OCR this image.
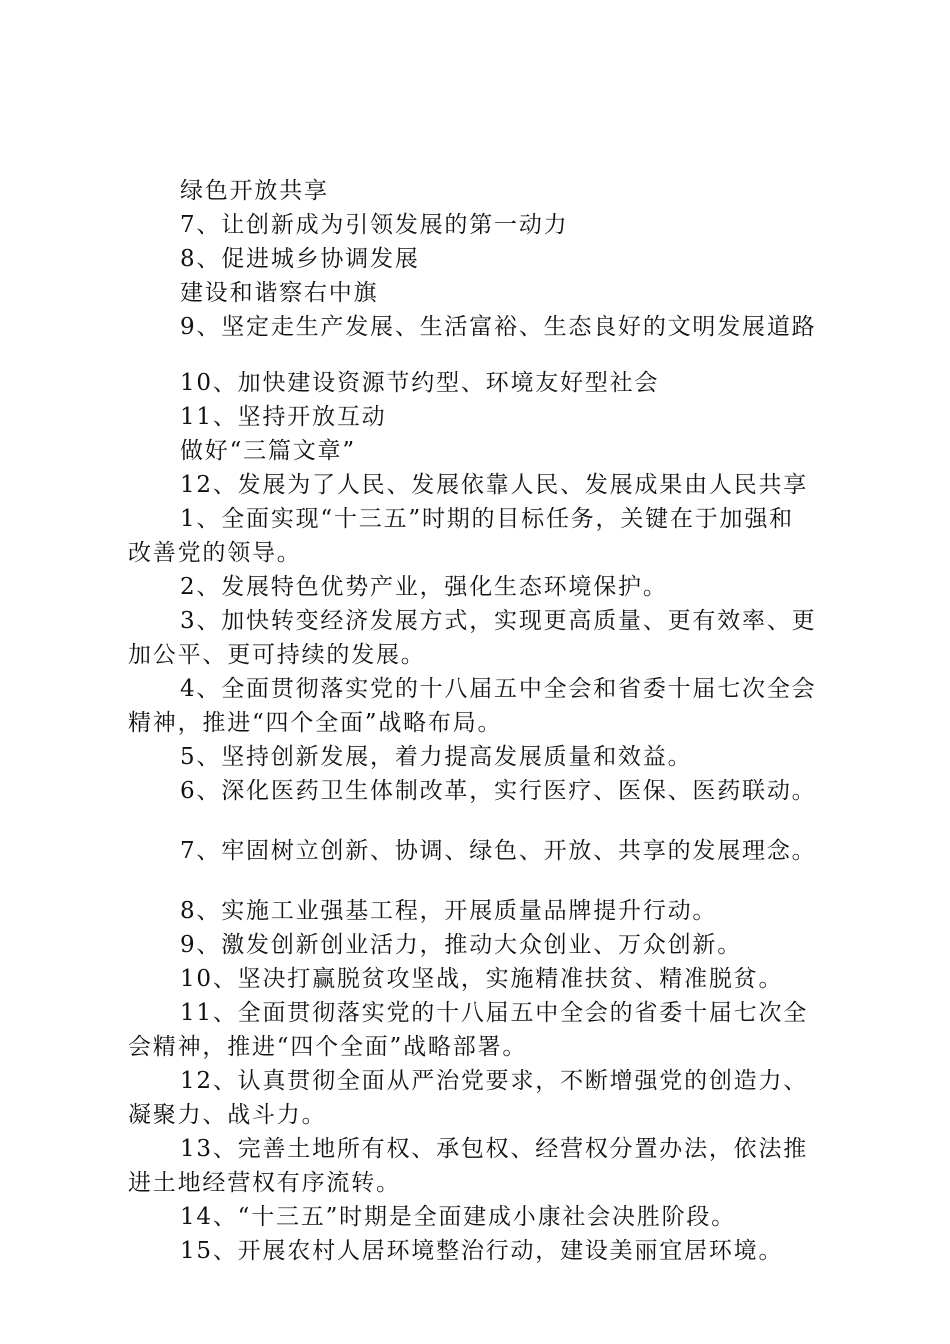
绿色开放共享
7、让创新成为引领发展的第一动力
8、促进城乡协调发展
建设和谐察右中旗
9、坚定走生产发展、生活富裕、生态良好的文明发展道路
10、加快建设资源节约型、环境友好型社会
11、坚持开放互动
做好“三篇文章”
12、发展为了人民、发展依靠人民、发展成果由人民共享
1、全面实现“十三五”时期的目标任务，关键在于加强和
改善党的领导。
2、发展特色优势产业，强化生态环境保护。
3、加快转变经济发展方式，实现更高质量、更有效率、更
加公平、更可持续的发展。
4、全面贯彻落实党的十八届五中全会和省委十届七次全会
精神，推进“四个全面”战略布局。
5、坚持创新发展，着力提高发展质量和效益。
6、深化医药卫生体制改革，实行医疗、医保、医药联动。
7、牢固树立创新、协调、绿色、开放、共享的发展理念。
8、实施工业强基工程，开展质量品牌提升行动。
9、激发创新创业活力，推动大众创业、万众创新。
10、坚决打赢脱贫攻坚战，实施精准扶贫、精准脱贫。
11、全面贯彻落实党的十八届五中全会的省委十届七次全
会精神，推进“四个全面”战略部署。
12、认真贯彻全面从严治党要求，不断增强党的创造力、
凝聚力、战斗力。
13、完善土地所有权、承包权、经营权分置办法，依法推
进土地经营权有序流转。
14、“十三五”时期是全面建成小康社会决胜阶段。
15、开展农村人居环境整治行动，建设美丽宜居环境。
